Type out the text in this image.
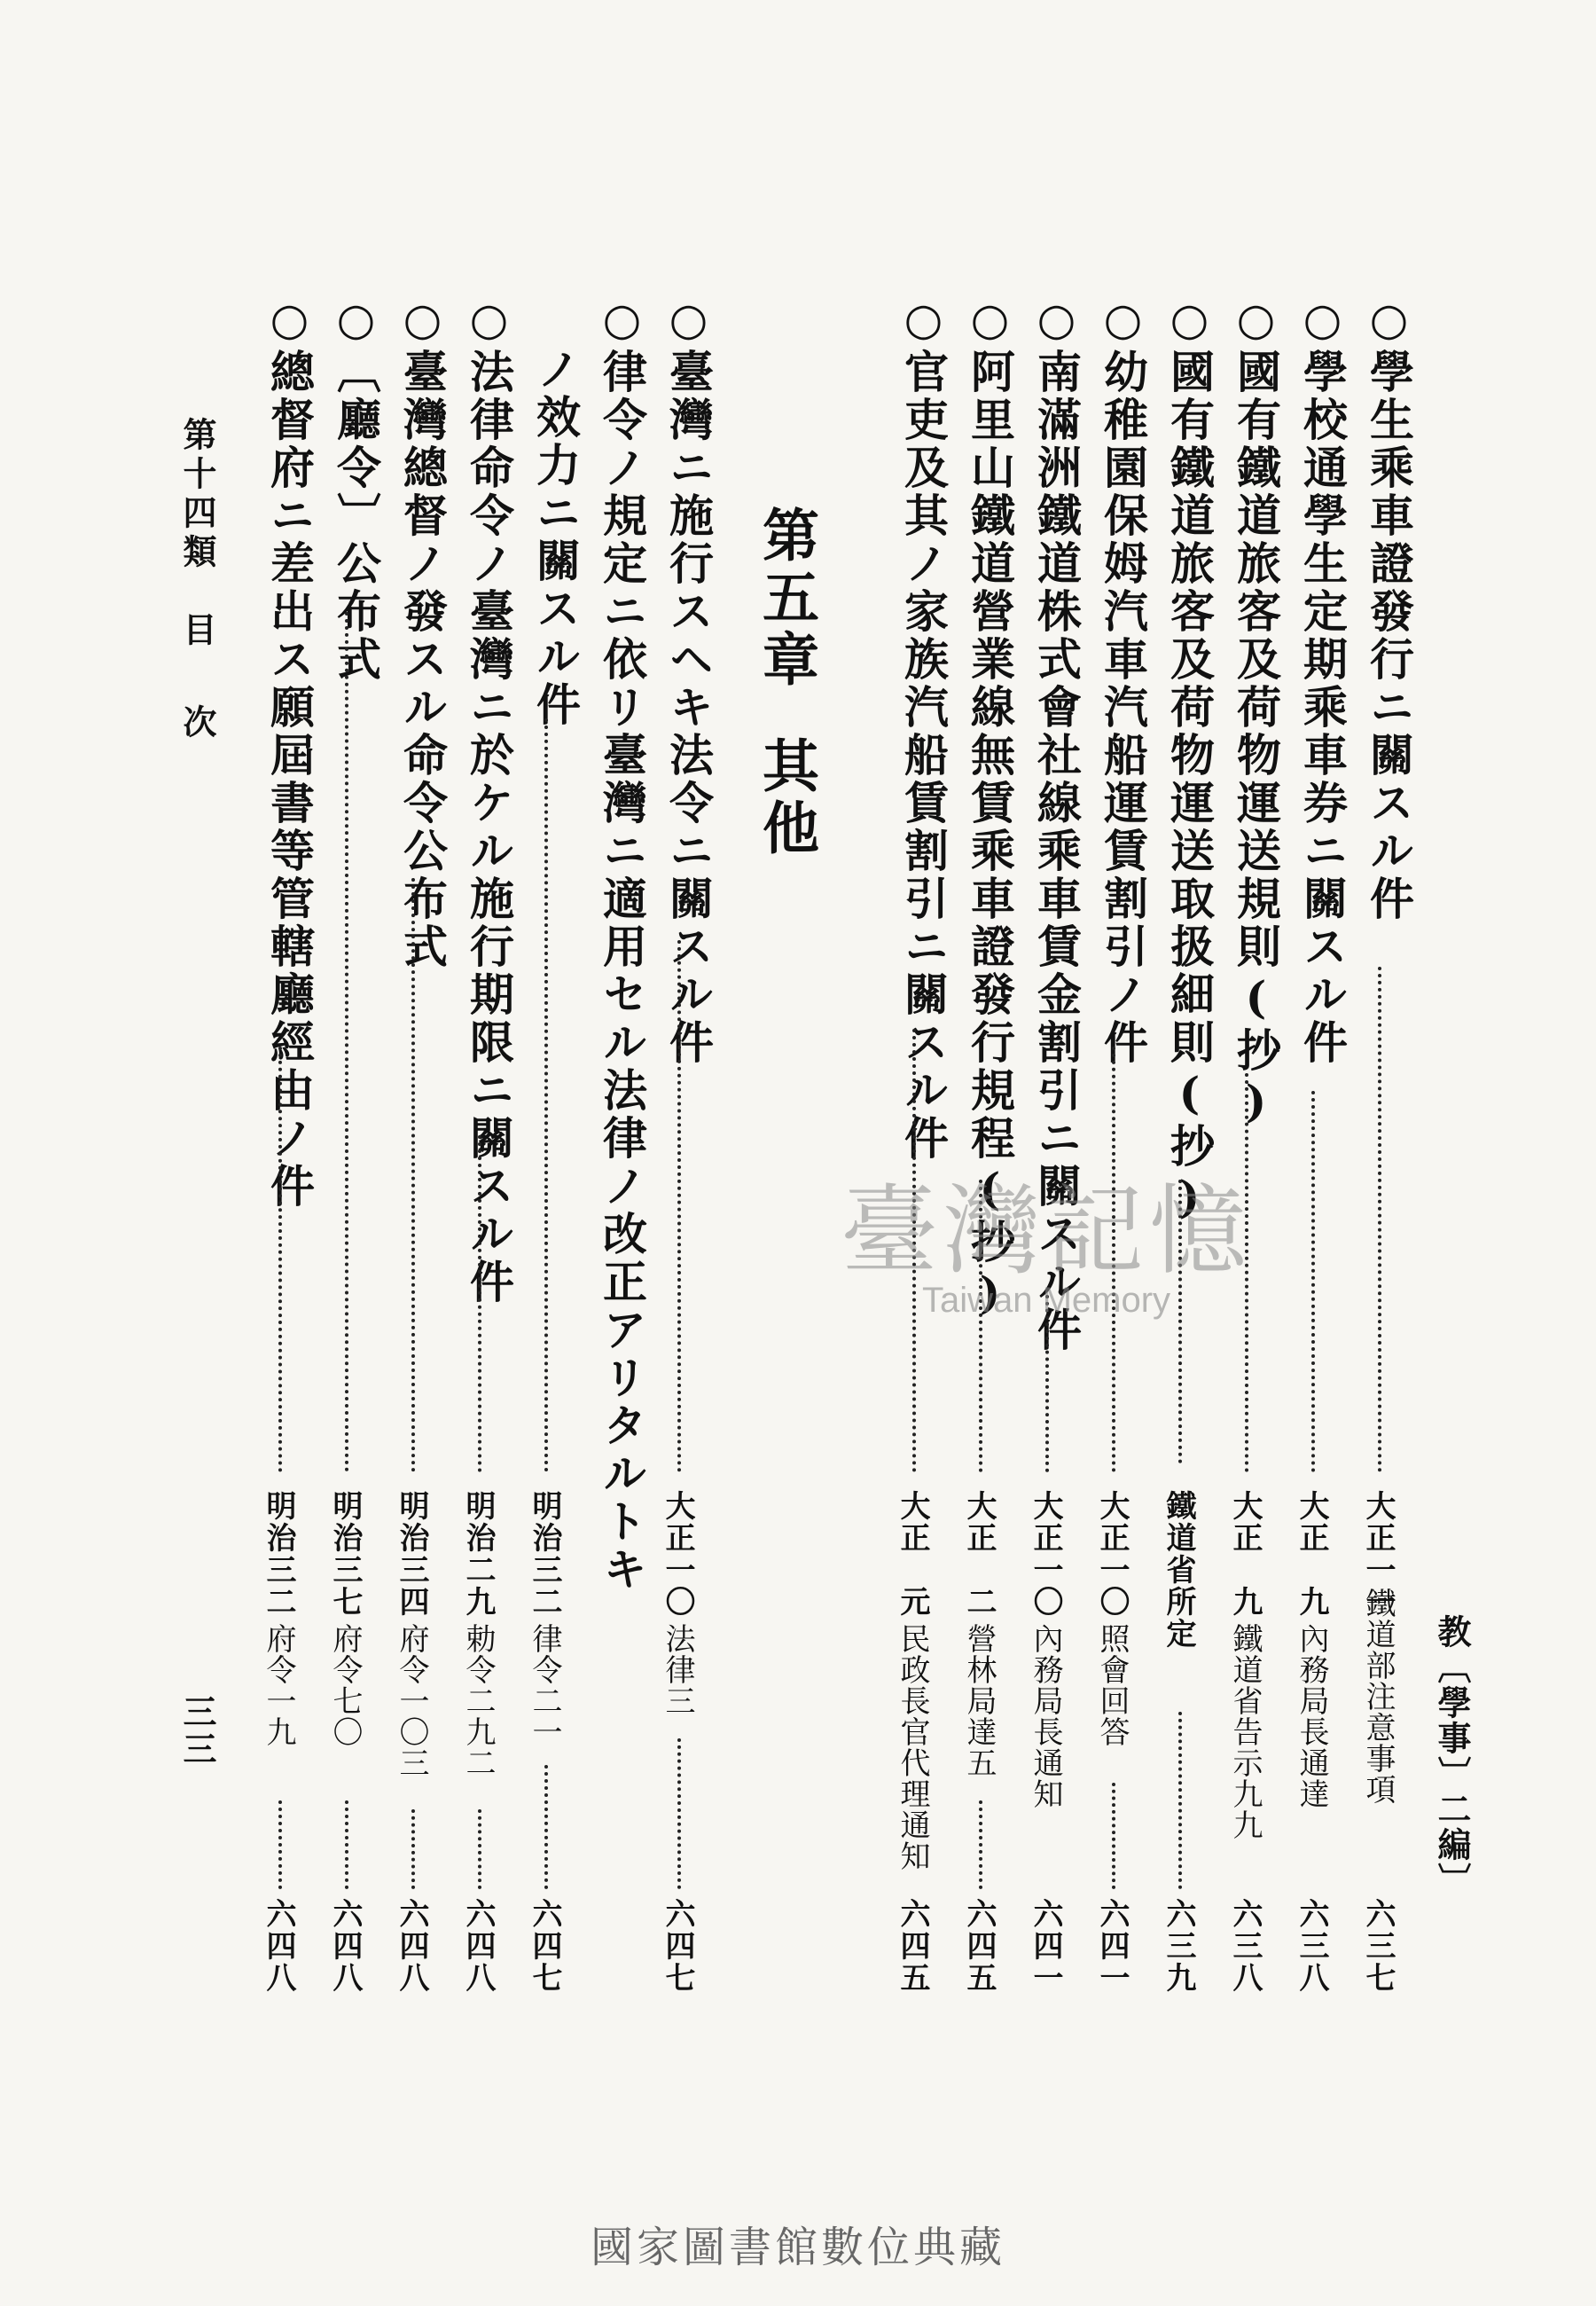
教〔學事〕二編〕

○學生乘車證發行ニ關スル件

大正一一

鐵道部注意事項

六三七

○學校通學生定期乘車券ニ關スル件

大正　九

內務局長通達

六三八

○國有鐵道旅客及荷物運送規則(抄)

大正　九

鐵道省告示九九

六三八

○國有鐵道旅客及荷物運送取扱細則(抄)

鐵道省所定

六三九

○幼稚園保姆汽車汽船運賃割引ノ件

大正一〇

照會回答

六四一

○南滿洲鐵道株式會社線乘車賃金割引ニ關スル件

大正一〇

內務局長通知

六四一

○阿里山鐵道營業線無賃乘車證發行規程(抄)

大正　二

營林局達五

六四五

○官吏及其ノ家族汽船賃割引ニ關スル件

大正　元

民政長官代理通知

六四五

第五章其他

○臺灣ニ施行スヘキ法令ニ關スル件

大正一〇

法律三

六四七

○律令ノ規定ニ依リ臺灣ニ適用セル法律ノ改正アリタルトキ

ノ效力ニ關スル件

明治三二

律令二一

六四七

○法律命令ノ臺灣ニ於ケル施行期限ニ關スル件

明治二九

勅令二九二

六四八

○臺灣總督ノ發スル命令公布式

明治三四

府令一〇三

六四八

○〔廳令〕公布式

明治三七

府令七〇

六四八

○總督府ニ差出ス願屆書等管轄廳經由ノ件

明治三二

府令一九

六四八

第十四類
目　次
三三
臺灣記憶
Taiwan Memory
國家圖書館數位典藏
